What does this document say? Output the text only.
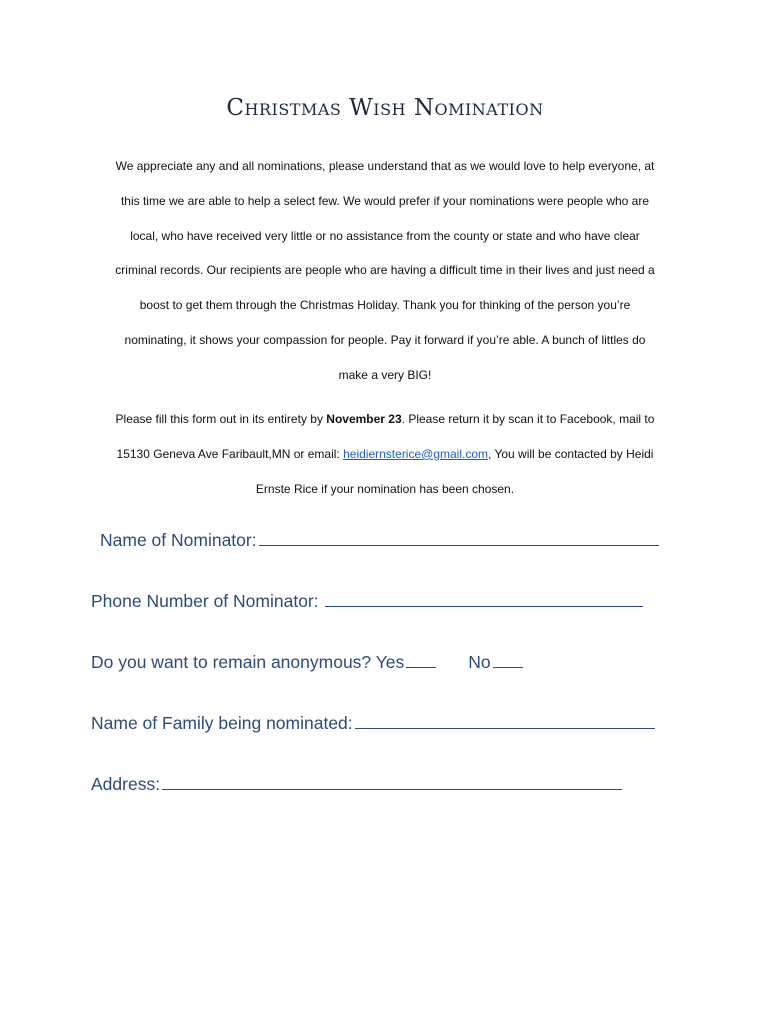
Christmas Wish Nomination
We appreciate any and all nominations, please understand that as we would love to help everyone, at
this time we are able to help a select few. We would prefer if your nominations were people who are
local, who have received very little or no assistance from the county or state and who have clear
criminal records. Our recipients are people who are having a difficult time in their lives and just need a
boost to get them through the Christmas Holiday. Thank you for thinking of the person you’re
nominating, it shows your compassion for people. Pay it forward if you’re able. A bunch of littles do
make a very BIG!
Please fill this form out in its entirety by November 23. Please return it by scan it to Facebook, mail to
15130 Geneva Ave Faribault,MN or email: heidiernsterice@gmail.com, You will be contacted by Heidi
Ernste Rice if your nomination has been chosen.
Name of Nominator:
Phone Number of Nominator:
Do you want to remain anonymous? Yes	No
Name of Family being nominated:
Address:
